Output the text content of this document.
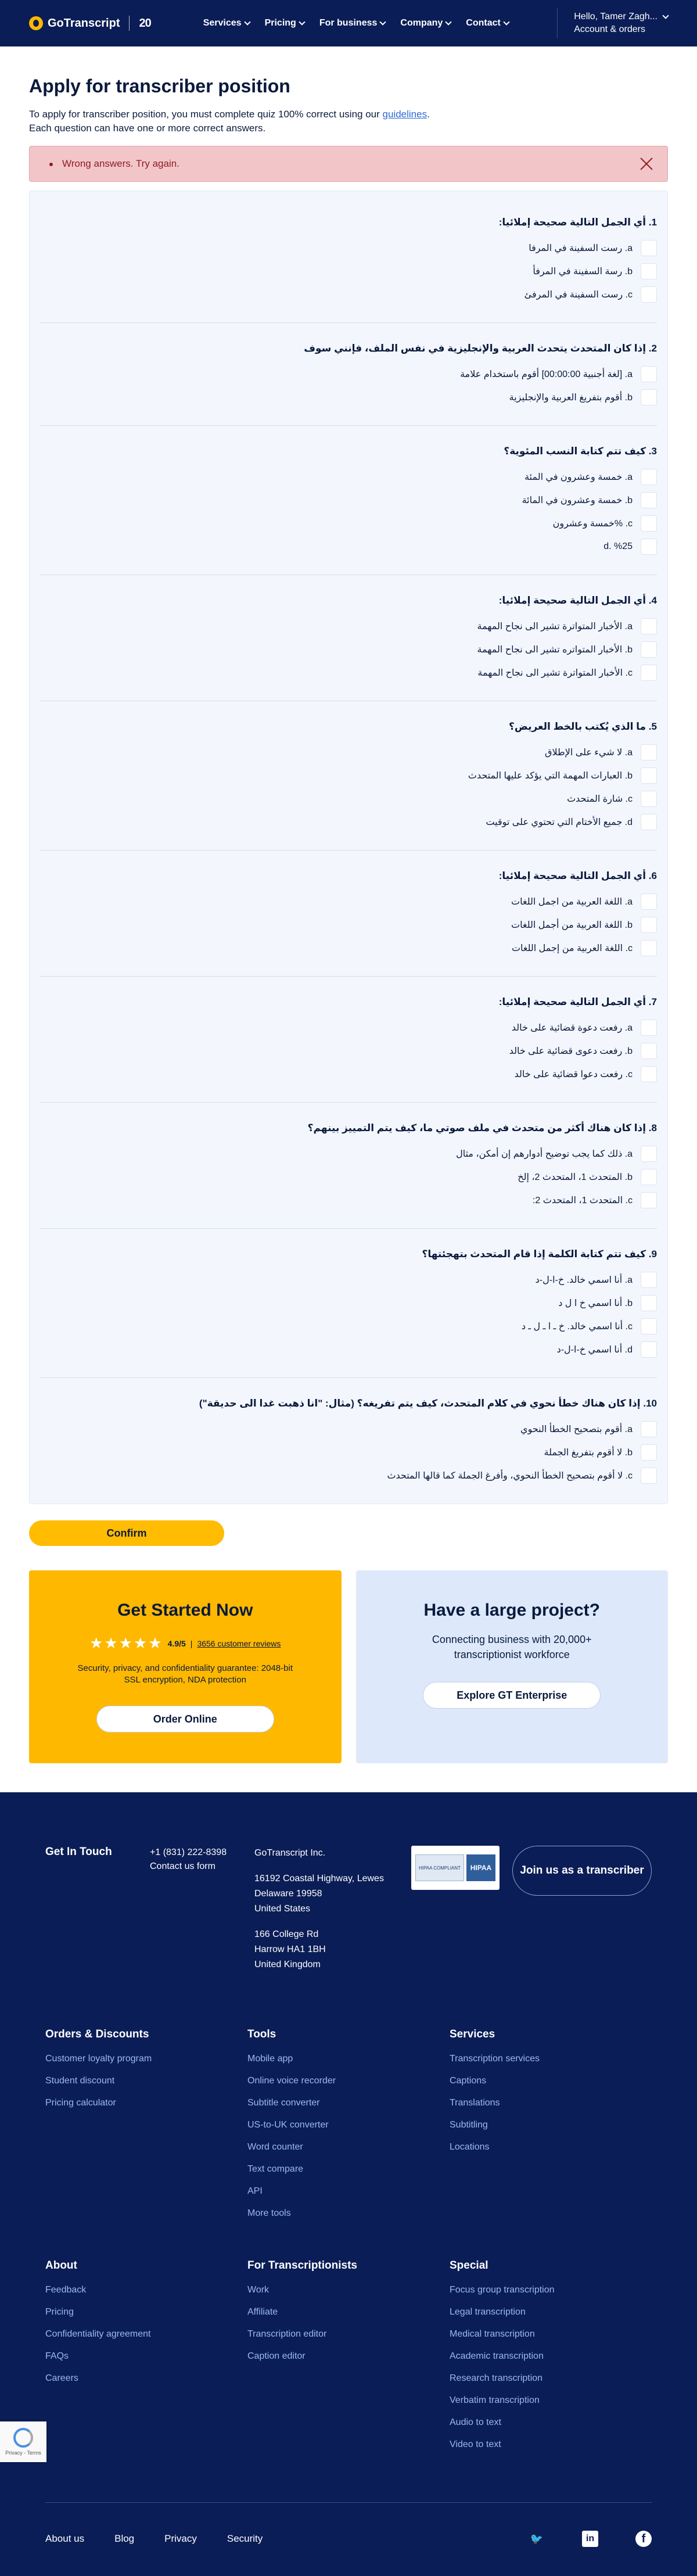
GoTranscript 20	Services	Pricing	For business	Company	Contact
Hello, Tamer Zagh...
Account & orders
Apply for transcriber position

To apply for transcriber position, you must complete quiz 100% correct using our guidelines.
Each question can have one or more correct answers.

Wrong answers. Try again.
1. أي الجمل التالية صحيحة إملائيا:
a. رست السفينة في المرفا
b. رسة السفينة في المرفأ
c. رست السفينة في المرفئ
2. إذا كان المتحدث يتحدث العربية والإنجليزية في نفس الملف، فإنني سوف
a. [لغة أجنبية 00:00:00] أقوم باستخدام علامة
b. أقوم بتفريغ العربية والإنجليزية
3. كيف تتم كتابة النسب المئوية؟
a. خمسة وعشرون في المئة
b. خمسة وعشرون في المائة
c. %خمسة وعشرون
d. %25
4. أي الجمل التالية صحيحة إملائيا:
a. الأخبار المتواترة تشير الى نجاح المهمة
b. الأخبار المتواتره تشير الى نجاح المهمة
c. الأخبار المتواترة تشير الى نجاح المهمة
5. ما الذي يُكتب بالخط العريض؟
a. لا شيء على الإطلاق
b. العبارات المهمة التي يؤكد عليها المتحدث
c. شارة المتحدث
d. جميع الأختام التي تحتوي على توقيت
6. أي الجمل التالية صحيحة إملائيا:
a. اللغة العربية من اجمل اللغات
b. اللغة العربية من أجمل اللغات
c. اللغة العربية من إجمل اللغات
7. أي الجمل التالية صحيحة إملائيا:
a. رفعت دعوة قضائية على خالد
b. رفعت دعوى قضائية على خالد
c. رفعت دعوا قضائية على خالد
8. إذا كان هناك أكثر من متحدث في ملف صوتي ما، كيف يتم التمييز بينهم؟
a. ذلك كما يجب توضيح أدوارهم إن أمكن، مثال
b. المتحدث 1، المتحدث 2، إلخ
c. المتحدث 1، المتحدث 2:
9. كيف تتم كتابة الكلمة إذا قام المتحدث بتهجئتها؟
a. أنا اسمي خالد. خ-ا-ل-د
b. أنا اسمي خ ا ل د
c. أنا اسمي خالد. خ ـ ا ـ ل ـ د
d. أنا اسمي خ-ا-ل-د
10. إذا كان هناك خطأ نحوي في كلام المتحدث، كيف يتم تفريغه؟ (مثال: "انا ذهبت غدا الى حديقة")
a. أقوم بتصحيح الخطأ النحوي
b. لا أقوم بتفريغ الجملة
c. لا أقوم بتصحيح الخطأ النحوي، وأفرغ الجملة كما قالها المتحدث
Confirm
Get Started Now
★★★★★ 4.9/5 | 3656 customer reviews

Security, privacy, and confidentiality guarantee: 2048-bit SSL encryption, NDA protection

Order Online
Have a large project?

Connecting business with 20,000+ transcriptionist workforce

Explore GT Enterprise
Get In Touch	+1 (831) 222-8398
Contact us form
GoTranscript Inc.
16192 Coastal Highway, Lewes
Delaware 19958
United States
166 College Rd
Harrow HA1 1BH
United Kingdom
HIPAA COMPLIANT	HIPAA	Join us as a transcriber
Orders & Discounts
Customer loyalty program
Student discount
Pricing calculator
Tools
Mobile app
Online voice recorder
Subtitle converter
US-to-UK converter
Word counter
Text compare
API
More tools
Services
Transcription services
Captions
Translations
Subtitling
Locations
About
Feedback
Pricing
Confidentiality agreement
FAQs
Careers
For Transcriptionists
Work
Affiliate
Transcription editor
Caption editor
Special
Focus group transcription
Legal transcription
Medical transcription
Academic transcription
Research transcription
Verbatim transcription
Audio to text
Video to text
About us	Blog	Privacy	Security	🐦	in	f
Privacy - Terms
